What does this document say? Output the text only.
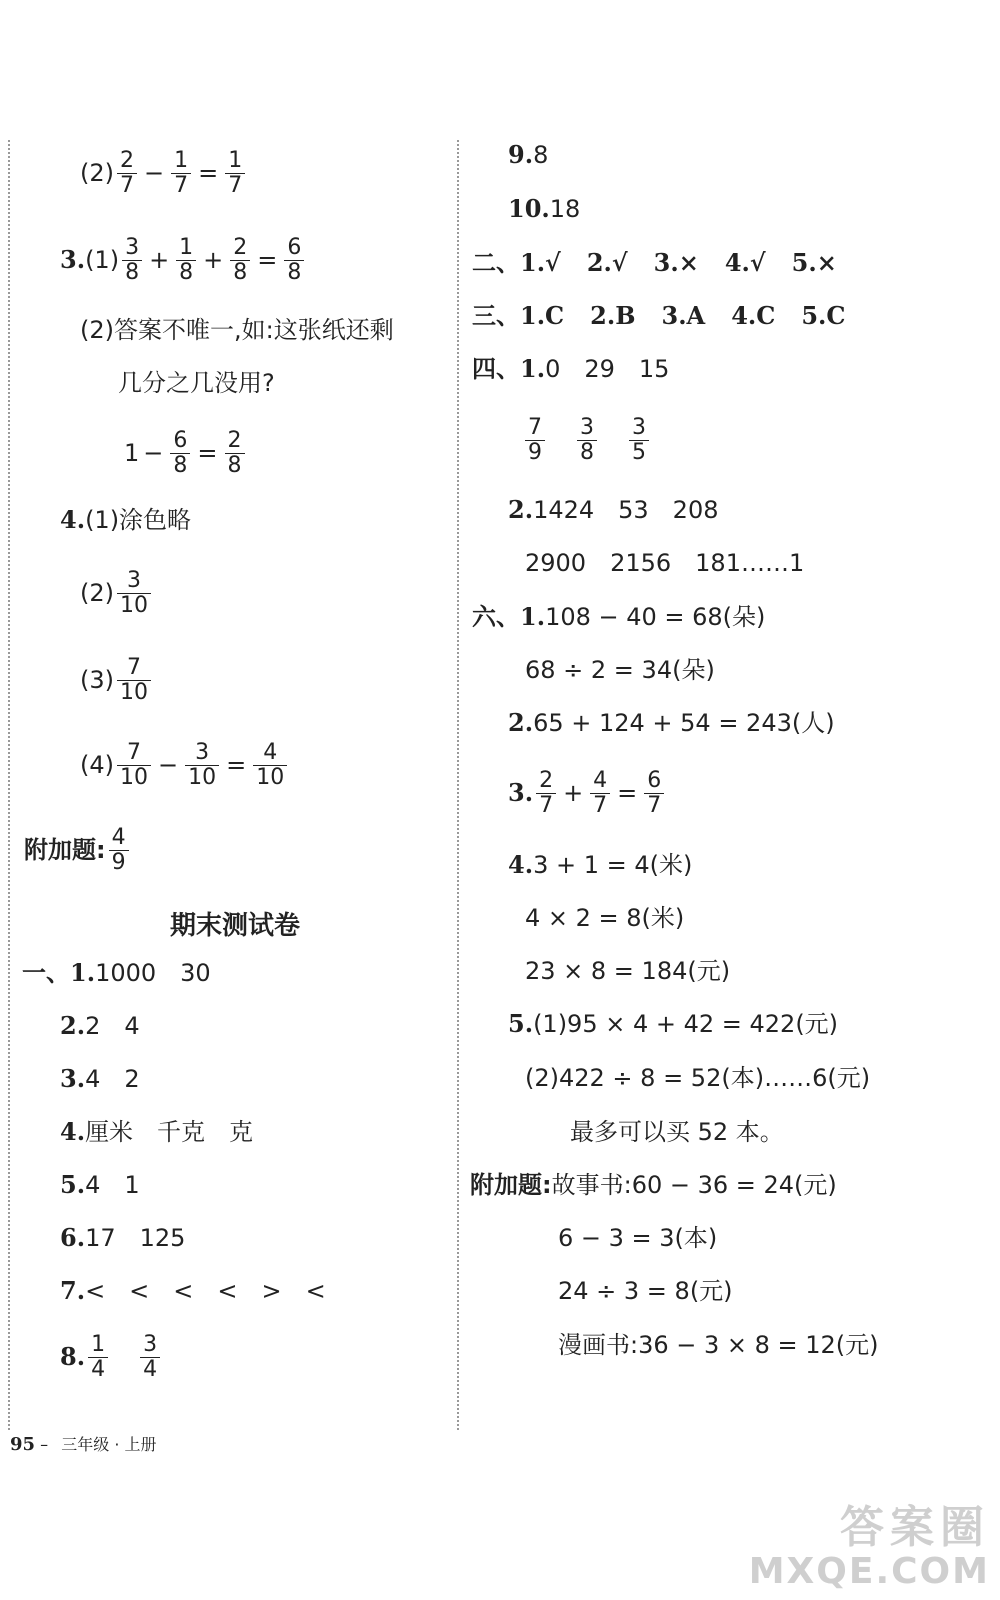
$(2) \frac{2}{7} - \frac{1}{7} = \frac{1}{7}$
3. $(1) \frac{3}{8} + \frac{1}{8} + \frac{2}{8} = \frac{6}{8}$
(2)答案不唯一,如:这张纸还剩
几分之几没用?
$1 - \frac{6}{8} = \frac{2}{8}$
4. (1)涂色略
$(2) \frac{3}{10}$
$(3) \frac{7}{10}$
$(4) \frac{7}{10} - \frac{3}{10} = \frac{4}{10}$
附加题: $\frac{4}{9}$
期末测试卷
一、 1. 1000　30
2. 2　4
3. 4　2
4. 厘米　千克　克
5. 4　1
6. 17　125
7. <　<　<　<　>　<
8. $\frac{1}{4} \frac{3}{4}$
9. 8
10. 18
二、 1.√ 2.√ 3.× 4.√ 5.×
三、 1.C 2.B 3.A 4.C 5.C
四、 1. 0　29　15
$\frac{7}{9} \frac{3}{8} \frac{3}{5}$
2. 1424　53　208
2900　2156　181……1
六、 1. 108 − 40 = 68(朵)
68 ÷ 2 = 34(朵)
2. 65 + 124 + 54 = 243(人)
3. $\frac{2}{7} + \frac{4}{7} = \frac{6}{7}$
4. 3 + 1 = 4(米)
4 × 2 = 8(米)
23 × 8 = 184(元)
5. (1)95 × 4 + 42 = 422(元)
(2)422 ÷ 8 = 52(本)……6(元)
最多可以买 52 本。
附加题: 故事书:60 − 36 = 24(元)
6 − 3 = 3(本)
24 ÷ 3 = 8(元)
漫画书:36 − 3 × 8 = 12(元)
95 – 三年级 · 上册
答案圈
MXQE.COM
